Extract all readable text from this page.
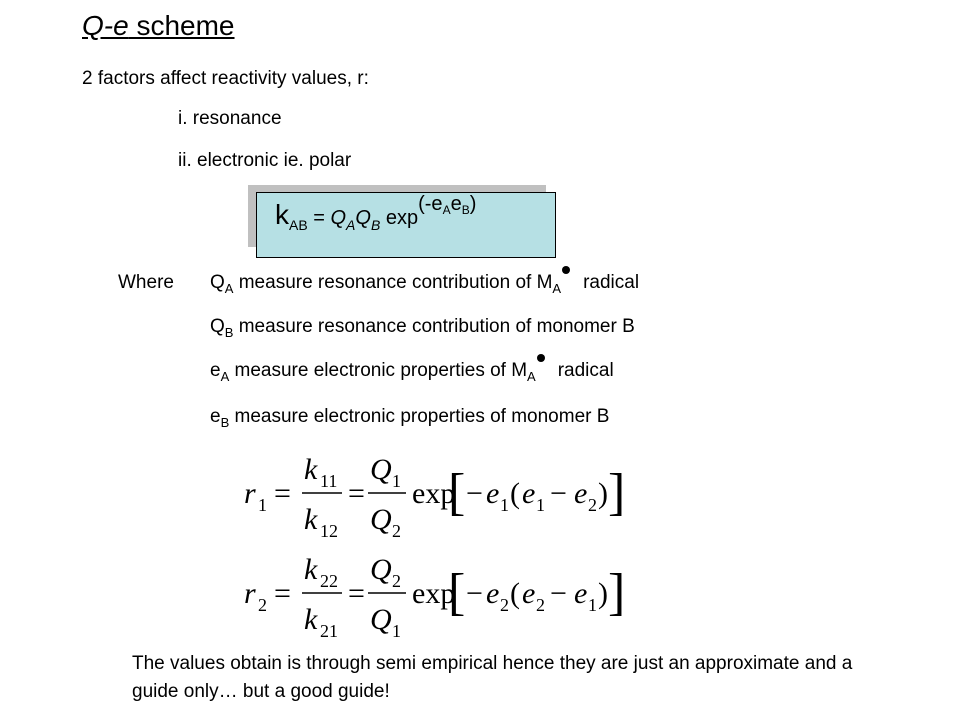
Q-e scheme
2 factors affect reactivity values, r:
i. resonance
ii. electronic ie. polar
$k_{AB} = Q_AQ_B$ $\exp(-e_Ae_B)$
Where $Q_A$ measure resonance contribution of $M_A$ radical
$Q_B$ measure resonance contribution of monomer B
$e_A$ measure electronic properties of $M_A$ radical
$e_B$ measure electronic properties of monomer B
r 1 =
k 11
k 12
=
Q 1
Q 2
exp
[ − e 1 ( e 1 − e 2 ) ]
r 2 =
k 22
k 21
=
Q 2
Q 1
exp
[ − e 2 ( e 2 − e 1 ) ]
The values obtain is through semi empirical hence they are just an approximate and a guide only… but a good guide!
